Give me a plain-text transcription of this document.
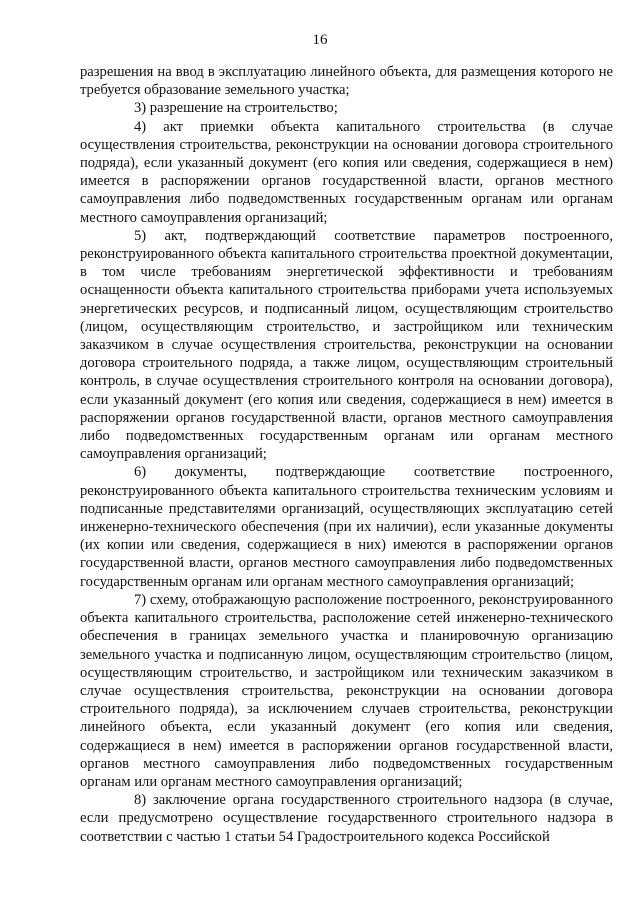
16

разрешения на ввод в эксплуатацию линейного объекта, для размещения которого не требуется образование земельного участка;

3) разрешение на строительство;

4) акт приемки объекта капитального строительства (в случае осуществления строительства, реконструкции на основании договора строительного подряда), если указанный документ (его копия или сведения, содержащиеся в нем) имеется в распоряжении органов государственной власти, органов местного самоуправления либо подведомственных государственным органам или органам местного самоуправления организаций;

5) акт, подтверждающий соответствие параметров построенного, реконструированного объекта капитального строительства проектной документации, в том числе требованиям энергетической эффективности и требованиям оснащенности объекта капитального строительства приборами учета используемых энергетических ресурсов, и подписанный лицом, осуществляющим строительство (лицом, осуществляющим строительство, и застройщиком или техническим заказчиком в случае осуществления строительства, реконструкции на основании договора строительного подряда, а также лицом, осуществляющим строительный контроль, в случае осуществления строительного контроля на основании договора), если указанный документ (его копия или сведения, содержащиеся в нем) имеется в распоряжении органов государственной власти, органов местного самоуправления либо подведомственных государственным органам или органам местного самоуправления организаций;

6) документы, подтверждающие соответствие построенного, реконструированного объекта капитального строительства техническим условиям и подписанные представителями организаций, осуществляющих эксплуатацию сетей инженерно-технического обеспечения (при их наличии), если указанные документы (их копии или сведения, содержащиеся в них) имеются в распоряжении органов государственной власти, органов местного самоуправления либо подведомственных государственным органам или органам местного самоуправления организаций;

7) схему, отображающую расположение построенного, реконструированного объекта капитального строительства, расположение сетей инженерно-технического обеспечения в границах земельного участка и планировочную организацию земельного участка и подписанную лицом, осуществляющим строительство (лицом, осуществляющим строительство, и застройщиком или техническим заказчиком в случае осуществления строительства, реконструкции на основании договора строительного подряда), за исключением случаев строительства, реконструкции линейного объекта, если указанный документ (его копия или сведения, содержащиеся в нем) имеется в распоряжении органов государственной власти, органов местного самоуправления либо подведомственных государственным органам или органам местного самоуправления организаций;

8) заключение органа государственного строительного надзора (в случае, если предусмотрено осуществление государственного строительного надзора в соответствии с частью 1 статьи 54 Градостроительного кодекса Российской
